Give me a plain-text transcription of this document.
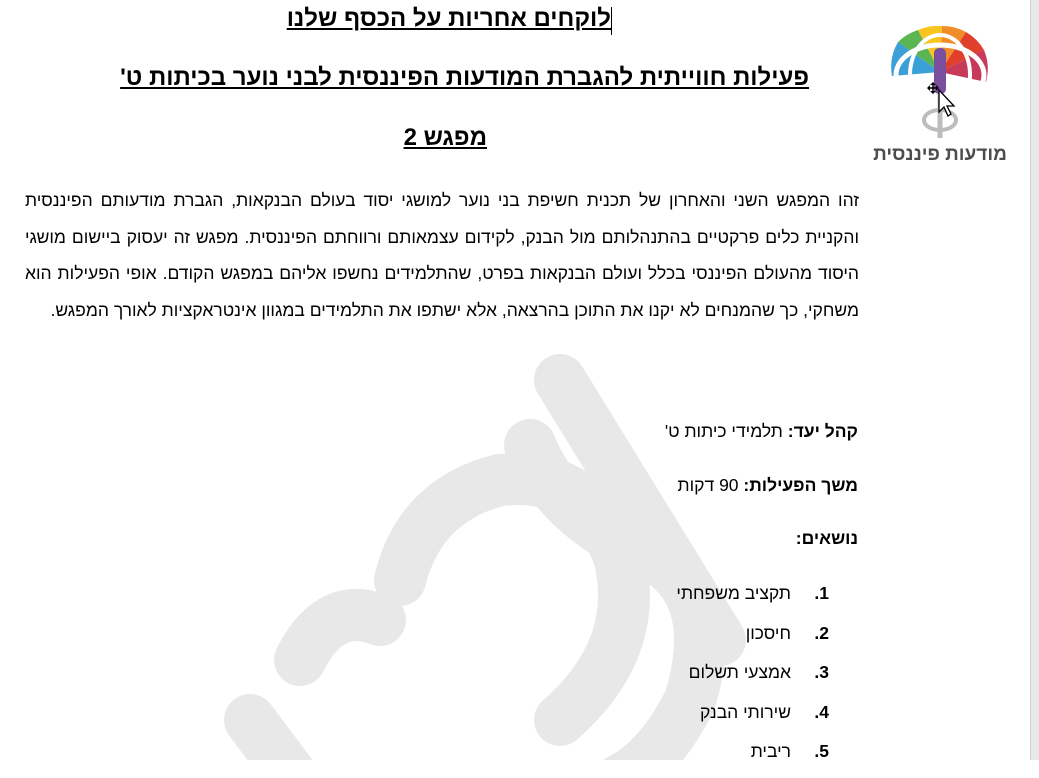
לוקחים אחריות על הכסף שלנו
פעילות חווייתית להגברת המודעות הפיננסית לבני נוער בכיתות ט'
מפגש 2
מודעות פיננסית
זהו המפגש השני והאחרון של תכנית חשיפת בני נוער למושגי יסוד בעולם הבנקאות, הגברת מודעותם הפיננסית והקניית כלים פרקטיים בהתנהלותם מול הבנק, לקידום עצמאותם ורווחתם הפיננסית. מפגש זה יעסוק ביישום מושגי היסוד מהעולם הפיננסי בכלל ועולם הבנקאות בפרט, שהתלמידים נחשפו אליהם במפגש הקודם. אופי הפעילות הוא משחקי, כך שהמנחים לא יקנו את התוכן בהרצאה, אלא ישתפו את התלמידים במגוון אינטראקציות לאורך המפגש.
קהל יעד: תלמידי כיתות ט'
משך הפעילות: 90 דקות
נושאים:
1.
תקציב משפחתי
2.
חיסכון
3.
אמצעי תשלום
4.
שירותי הבנק
5.
ריבית
